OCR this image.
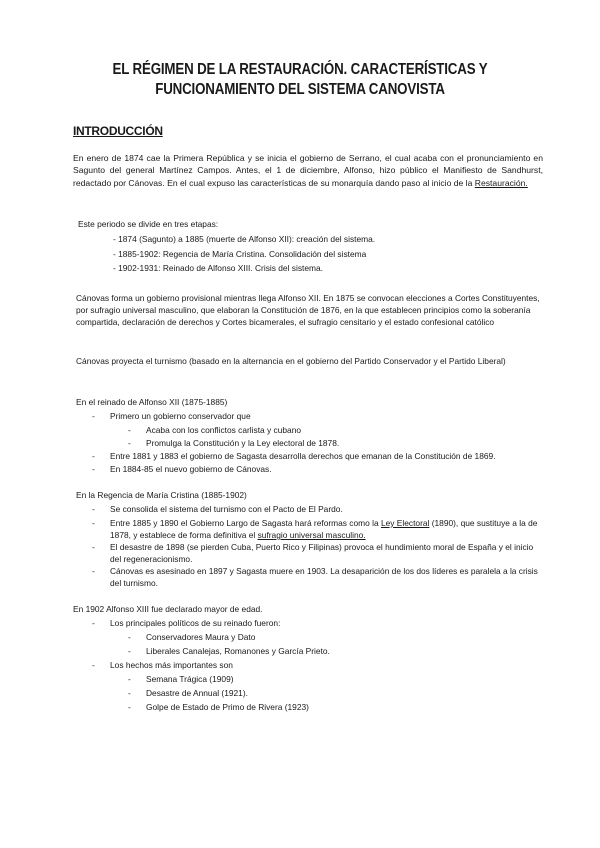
EL RÉGIMEN DE LA RESTAURACIÓN. CARACTERÍSTICAS Y
FUNCIONAMIENTO DEL SISTEMA CANOVISTA
INTRODUCCIÓN
En enero de 1874 cae la Primera República y se inicia el gobierno de Serrano, el cual acaba con el pronunciamiento en Sagunto del general Martínez Campos. Antes, el 1 de diciembre, Alfonso, hizo público el Manifiesto de Sandhurst, redactado por Cánovas. En el cual expuso las características de su monarquía dando paso al inicio de la Restauración.
Este periodo se divide en tres etapas:
- 1874 (Sagunto) a 1885 (muerte de Alfonso XII): creación del sistema.
- 1885-1902: Regencia de María Cristina. Consolidación del sistema
- 1902-1931: Reinado de Alfonso XIII. Crisis del sistema.
Cánovas forma un gobierno provisional mientras llega Alfonso XII. En 1875 se convocan elecciones a Cortes Constituyentes, por sufragio universal masculino, que elaboran la Constitución de 1876, en la que establecen principios como la soberanía compartida, declaración de derechos y Cortes bicamerales, el sufragio censitario y el estado confesional católico
Cánovas proyecta el turnismo (basado en la alternancia en el gobierno del Partido Conservador y el Partido Liberal)
En el reinado de Alfonso XII (1875-1885)
- Primero un gobierno conservador que
- Acaba con los conflictos carlista y cubano
- Promulga la Constitución y la Ley electoral de 1878.
- Entre 1881 y 1883 el gobierno de Sagasta desarrolla derechos que emanan de la Constitución de 1869.
- En 1884-85 el nuevo gobierno de Cánovas.
En la Regencia de María Cristina (1885-1902)
- Se consolida el sistema del turnismo con el Pacto de El Pardo.
- Entre 1885 y 1890 el Gobierno Largo de Sagasta hará reformas como la Ley Electoral (1890), que sustituye a la de 1878, y establece de forma definitiva el sufragio universal masculino.
- El desastre de 1898 (se pierden Cuba, Puerto Rico y Filipinas) provoca el hundimiento moral de España y el inicio del regeneracionismo.
- Cánovas es asesinado en 1897 y Sagasta muere en 1903. La desaparición de los dos líderes es paralela a la crisis del turnismo.
En 1902 Alfonso XIII fue declarado mayor de edad.
- Los principales políticos de su reinado fueron:
- Conservadores Maura y Dato
- Liberales Canalejas, Romanones y García Prieto.
- Los hechos más importantes son
- Semana Trágica (1909)
- Desastre de Annual (1921).
- Golpe de Estado de Primo de Rivera (1923)
